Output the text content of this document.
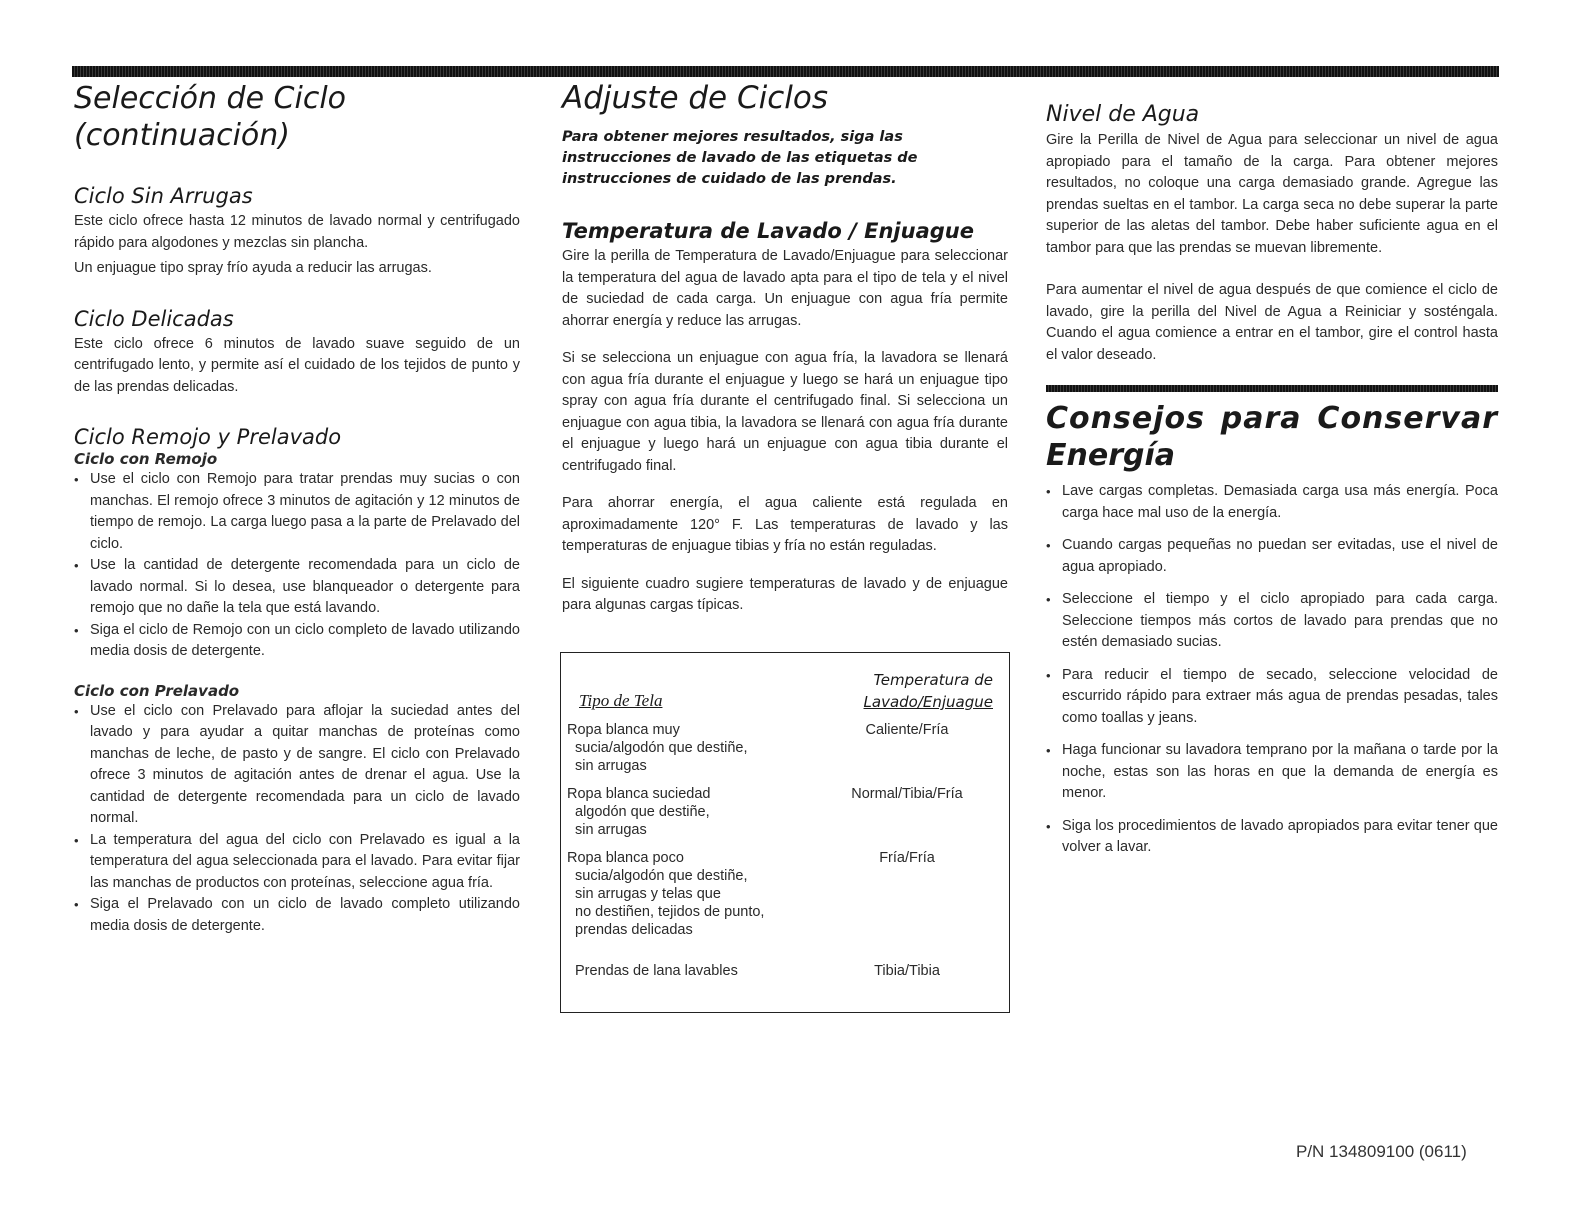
Selección de Ciclo
(continuación)
Ciclo Sin Arrugas

Este ciclo ofrece hasta 12 minutos de lavado normal y centrifugado rápido para algodones y mezclas sin plancha.

Un enjuague tipo spray frío ayuda a reducir las arrugas.

Ciclo Delicadas

Este ciclo ofrece 6 minutos de lavado suave seguido de un centrifugado lento, y permite así el cuidado de los tejidos de punto y de las prendas delicadas.

Ciclo Remojo y Prelavado
Ciclo con Remojo
• Use el ciclo con Remojo para tratar prendas muy sucias o con manchas. El remojo ofrece 3 minutos de agitación y 12 minutos de tiempo de remojo. La carga luego pasa a la parte de Prelavado del ciclo.
• Use la cantidad de detergente recomendada para un ciclo de lavado normal. Si lo desea, use blanqueador o detergente para remojo que no dañe la tela que está lavando.
• Siga el ciclo de Remojo con un ciclo completo de lavado utilizando media dosis de detergente.
Ciclo con Prelavado
• Use el ciclo con Prelavado para aflojar la suciedad antes del lavado y para ayudar a quitar manchas de proteínas como manchas de leche, de pasto y de sangre. El ciclo con Prelavado ofrece 3 minutos de agitación antes de drenar el agua. Use la cantidad de detergente recomendada para un ciclo de lavado normal.
• La temperatura del agua del ciclo con Prelavado es igual a la temperatura del agua seleccionada para el lavado. Para evitar fijar las manchas de productos con proteínas, seleccione agua fría.
• Siga el Prelavado con un ciclo de lavado completo utilizando media dosis de detergente.
Adjuste de Ciclos
Para obtener mejores resultados, siga las instrucciones de lavado de las etiquetas de instrucciones de cuidado de las prendas.
Temperatura de Lavado / Enjuague

Gire la perilla de Temperatura de Lavado/Enjuague para seleccionar la temperatura del agua de lavado apta para el tipo de tela y el nivel de suciedad de cada carga. Un enjuague con agua fría permite ahorrar energía y reduce las arrugas.

Si se selecciona un enjuague con agua fría, la lavadora se llenará con agua fría durante el enjuague y luego se hará un enjuague tipo spray con agua fría durante el centrifugado final. Si selecciona un enjuague con agua tibia, la lavadora se llenará con agua fría durante el enjuague y luego hará un enjuague con agua tibia durante el centrifugado final.

Para ahorrar energía, el agua caliente está regulada en aproximadamente 120° F. Las temperaturas de lavado y las temperaturas de enjuague tibias y fría no están reguladas.

El siguiente cuadro sugiere temperaturas de lavado y de enjuague para algunas cargas típicas.

Tipo de Tela
Temperatura de
Lavado/Enjuague
Ropa blanca muy
sucia/algodón que destiñe,
sin arrugas
Caliente/Fría
Ropa blanca suciedad
algodón que destiñe,
sin arrugas
Normal/Tibia/Fría
Ropa blanca poco
sucia/algodón que destiñe,
sin arrugas y telas que
no destiñen, tejidos de punto,
prendas delicadas
Fría/Fría
Prendas de lana lavables	Tibia/Tibia
Nivel de Agua

Gire la Perilla de Nivel de Agua para seleccionar un nivel de agua apropiado para el tamaño de la carga. Para obtener mejores resultados, no coloque una carga demasiado grande. Agregue las prendas sueltas en el tambor. La carga seca no debe superar la parte superior de las aletas del tambor. Debe haber suficiente agua en el tambor para que las prendas se muevan libremente.

Para aumentar el nivel de agua después de que comience el ciclo de lavado, gire la perilla del Nivel de Agua a Reiniciar y sosténgala. Cuando el agua comience a entrar en el tambor, gire el control hasta el valor deseado.

Consejos para Conservar
Energía
• Lave cargas completas. Demasiada carga usa más energía. Poca carga hace mal uso de la energía.
• Cuando cargas pequeñas no puedan ser evitadas, use el nivel de agua apropiado.
• Seleccione el tiempo y el ciclo apropiado para cada carga. Seleccione tiempos más cortos de lavado para prendas que no estén demasiado sucias.
• Para reducir el tiempo de secado, seleccione velocidad de escurrido rápido para extraer más agua de prendas pesadas, tales como toallas y jeans.
• Haga funcionar su lavadora temprano por la mañana o tarde por la noche, estas son las horas en que la demanda de energía es menor.
• Siga los procedimientos de lavado apropiados para evitar tener que volver a lavar.
P/N 134809100 (0611)
